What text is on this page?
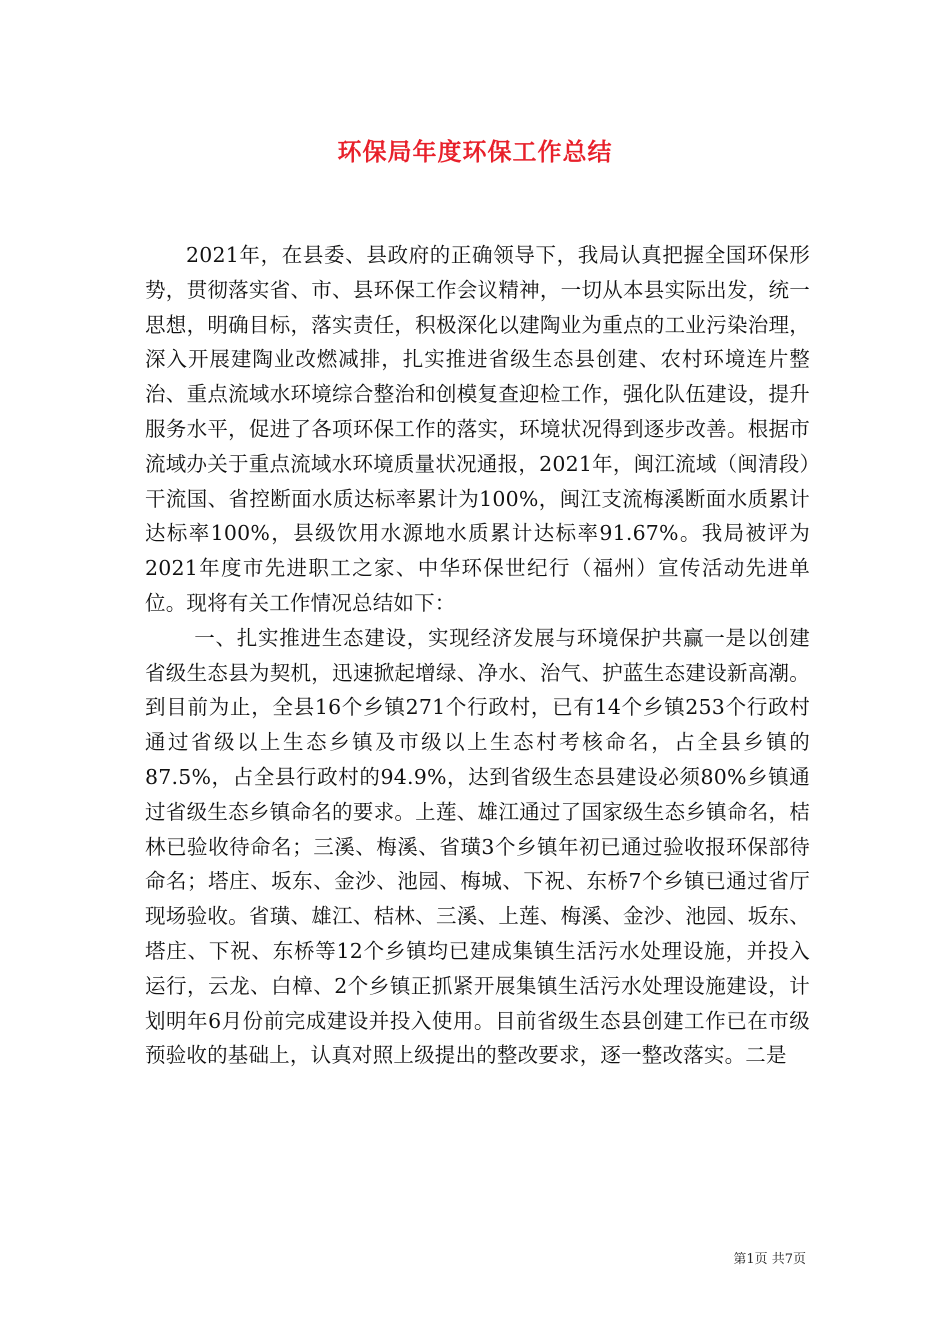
环保局年度环保工作总结

2021年，在县委、县政府的正确领导下，我局认真把握全国环保形势，贯彻落实省、市、县环保工作会议精神，一切从本县实际出发，统一思想，明确目标，落实责任，积极深化以建陶业为重点的工业污染治理，深入开展建陶业改燃减排，扎实推进省级生态县创建、农村环境连片整治、重点流域水环境综合整治和创模复查迎检工作，强化队伍建设，提升服务水平，促进了各项环保工作的落实，环境状况得到逐步改善。根据市流域办关于重点流域水环境质量状况通报，2021年，闽江流域（闽清段）干流国、省控断面水质达标率累计为100%，闽江支流梅溪断面水质累计达标率100%，县级饮用水源地水质累计达标率91.67%。我局被评为2021年度市先进职工之家、中华环保世纪行（福州）宣传活动先进单位。现将有关工作情况总结如下：

一、扎实推进生态建设，实现经济发展与环境保护共赢一是以创建省级生态县为契机，迅速掀起增绿、净水、治气、护蓝生态建设新高潮。到目前为止，全县16个乡镇271个行政村，已有14个乡镇253个行政村通过省级以上生态乡镇及市级以上生态村考核命名，占全县乡镇的87.5%，占全县行政村的94.9%，达到省级生态县建设必须80%乡镇通过省级生态乡镇命名的要求。上莲、雄江通过了国家级生态乡镇命名，桔林已验收待命名；三溪、梅溪、省璜3个乡镇年初已通过验收报环保部待命名；塔庄、坂东、金沙、池园、梅城、下祝、东桥7个乡镇已通过省厅现场验收。省璜、雄江、桔林、三溪、上莲、梅溪、金沙、池园、坂东、塔庄、下祝、东桥等12个乡镇均已建成集镇生活污水处理设施，并投入运行，云龙、白樟、2个乡镇正抓紧开展集镇生活污水处理设施建设，计划明年6月份前完成建设并投入使用。目前省级生态县创建工作已在市级预验收的基础上，认真对照上级提出的整改要求，逐一整改落实。二是

第1页 共7页
